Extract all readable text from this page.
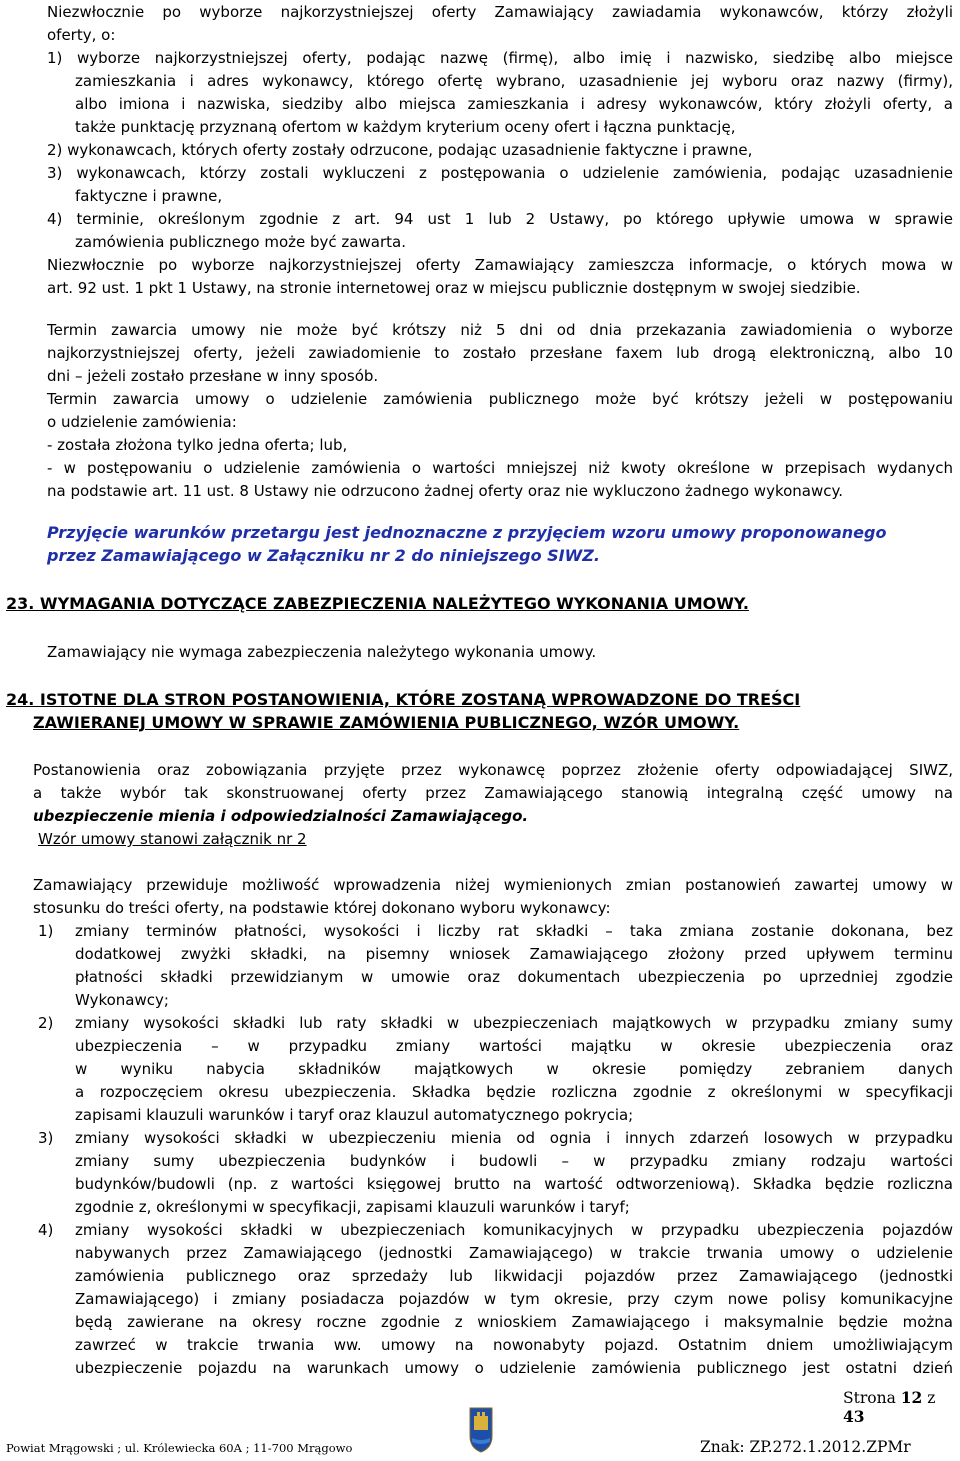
Niezwłocznie po wyborze najkorzystniejszej oferty Zamawiający zawiadamia wykonawców, którzy złożyli
oferty, o:
1) wyborze najkorzystniejszej oferty, podając nazwę (firmę), albo imię i nazwisko, siedzibę albo miejsce
zamieszkania i adres wykonawcy, którego ofertę wybrano, uzasadnienie jej wyboru oraz nazwy (firmy),
albo imiona i nazwiska, siedziby albo miejsca zamieszkania i adresy wykonawców, który złożyli oferty, a
także punktację przyznaną ofertom w każdym kryterium oceny ofert i łączna punktację,
2) wykonawcach, których oferty zostały odrzucone, podając uzasadnienie faktyczne i prawne,
3) wykonawcach, którzy zostali wykluczeni z postępowania o udzielenie zamówienia, podając uzasadnienie
faktyczne i prawne,
4) terminie, określonym zgodnie z art. 94 ust 1 lub 2 Ustawy, po którego upływie umowa w sprawie
zamówienia publicznego może być zawarta.
Niezwłocznie po wyborze najkorzystniejszej oferty Zamawiający zamieszcza informacje, o których mowa w
art. 92 ust. 1 pkt 1 Ustawy, na stronie internetowej oraz w miejscu publicznie dostępnym w swojej siedzibie.
Termin zawarcia umowy nie może być krótszy niż 5 dni od dnia przekazania zawiadomienia o wyborze
najkorzystniejszej oferty, jeżeli zawiadomienie to zostało przesłane faxem lub drogą elektroniczną, albo 10
dni – jeżeli zostało przesłane w inny sposób.
Termin zawarcia umowy o udzielenie zamówienia publicznego może być krótszy jeżeli w postępowaniu
o udzielenie zamówienia:
- została złożona tylko jedna oferta; lub,
- w postępowaniu o udzielenie zamówienia o wartości mniejszej niż kwoty określone w przepisach wydanych
na podstawie art. 11 ust. 8 Ustawy nie odrzucono żadnej oferty oraz nie wykluczono żadnego wykonawcy.
Przyjęcie warunków przetargu jest jednoznaczne z przyjęciem wzoru umowy proponowanego
przez Zamawiającego w Załączniku nr 2 do niniejszego SIWZ.
23. WYMAGANIA DOTYCZĄCE ZABEZPIECZENIA NALEŻYTEGO WYKONANIA UMOWY.
Zamawiający nie wymaga zabezpieczenia należytego wykonania umowy.
24. ISTOTNE DLA STRON POSTANOWIENIA, KTÓRE ZOSTANĄ WPROWADZONE DO TREŚCI
ZAWIERANEJ UMOWY W SPRAWIE ZAMÓWIENIA PUBLICZNEGO, WZÓR UMOWY.
Postanowienia oraz zobowiązania przyjęte przez wykonawcę poprzez złożenie oferty odpowiadającej SIWZ,
a także wybór tak skonstruowanej oferty przez Zamawiającego stanowią integralną część umowy na
ubezpieczenie mienia i odpowiedzialności Zamawiającego.
Wzór umowy stanowi załącznik nr 2
Zamawiający przewiduje możliwość wprowadzenia niżej wymienionych zmian postanowień zawartej umowy w
stosunku do treści oferty, na podstawie której dokonano wyboru wykonawcy:
1) zmiany terminów płatności, wysokości i liczby rat składki – taka zmiana zostanie dokonana, bez
dodatkowej zwyżki składki, na pisemny wniosek Zamawiającego złożony przed upływem terminu
płatności składki przewidzianym w umowie oraz dokumentach ubezpieczenia po uprzedniej zgodzie
Wykonawcy;
2) zmiany wysokości składki lub raty składki w ubezpieczeniach majątkowych w przypadku zmiany sumy
ubezpieczenia – w przypadku zmiany wartości majątku w okresie ubezpieczenia oraz
w wyniku nabycia składników majątkowych w okresie pomiędzy zebraniem danych
a rozpoczęciem okresu ubezpieczenia. Składka będzie rozliczna zgodnie z określonymi w specyfikacji
zapisami klauzuli warunków i taryf oraz klauzul automatycznego pokrycia;
3) zmiany wysokości składki w ubezpieczeniu mienia od ognia i innych zdarzeń losowych w przypadku
zmiany sumy ubezpieczenia budynków i budowli – w przypadku zmiany rodzaju wartości
budynków/budowli (np. z wartości księgowej brutto na wartość odtworzeniową). Składka będzie rozliczna
zgodnie z, określonymi w specyfikacji, zapisami klauzuli warunków i taryf;
4) zmiany wysokości składki w ubezpieczeniach komunikacyjnych w przypadku ubezpieczenia pojazdów
nabywanych przez Zamawiającego (jednostki Zamawiającego) w trakcie trwania umowy o udzielenie
zamówienia publicznego oraz sprzedaży lub likwidacji pojazdów przez Zamawiającego (jednostki
Zamawiającego) i zmiany posiadacza pojazdów w tym okresie, przy czym nowe polisy komunikacyjne
będą zawierane na okresy roczne zgodnie z wnioskiem Zamawiającego i maksymalnie będzie można
zawrzeć w trakcie trwania ww. umowy na nowonabyty pojazd. Ostatnim dniem umożliwiającym
ubezpieczenie pojazdu na warunkach umowy o udzielenie zamówienia publicznego jest ostatni dzień
Strona 12 z 43
Powiat Mrągowski ; ul. Królewiecka 60A ; 11-700 Mrągowo	Znak: ZP.272.1.2012.ZPMr
